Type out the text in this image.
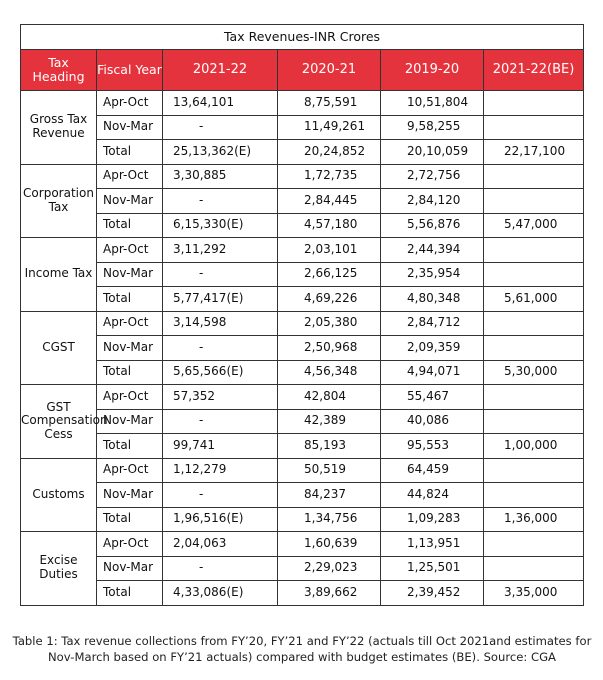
Tax Revenues-INR Crores					
Tax Heading	Fiscal Year	2021-22	2020-21	2019-20	2021-22(BE)
Gross Tax Revenue	Apr-Oct	13,64,101	8,75,591	10,51,804	
	Nov-Mar	-	11,49,261	9,58,255	
	Total	25,13,362(E)	20,24,852	20,10,059	22,17,100
Corporation Tax	Apr-Oct	3,30,885	1,72,735	2,72,756	
	Nov-Mar	-	2,84,445	2,84,120	
	Total	6,15,330(E)	4,57,180	5,56,876	5,47,000
Income Tax	Apr-Oct	3,11,292	2,03,101	2,44,394	
	Nov-Mar	-	2,66,125	2,35,954	
	Total	5,77,417(E)	4,69,226	4,80,348	5,61,000
CGST	Apr-Oct	3,14,598	2,05,380	2,84,712	
	Nov-Mar	-	2,50,968	2,09,359	
	Total	5,65,566(E)	4,56,348	4,94,071	5,30,000
GST Compensation Cess	Apr-Oct	57,352	42,804	55,467	
	Nov-Mar	-	42,389	40,086	
	Total	99,741	85,193	95,553	1,00,000
Customs	Apr-Oct	1,12,279	50,519	64,459	
	Nov-Mar	-	84,237	44,824	
	Total	1,96,516(E)	1,34,756	1,09,283	1,36,000
Excise Duties	Apr-Oct	2,04,063	1,60,639	1,13,951	
	Nov-Mar	-	2,29,023	1,25,501	
	Total	4,33,086(E)	3,89,662	2,39,452	3,35,000
Table 1: Tax revenue collections from FY’20, FY’21 and FY’22 (actuals till Oct 2021and estimates for Nov-March based on FY’21 actuals) compared with budget estimates (BE). Source: CGA
